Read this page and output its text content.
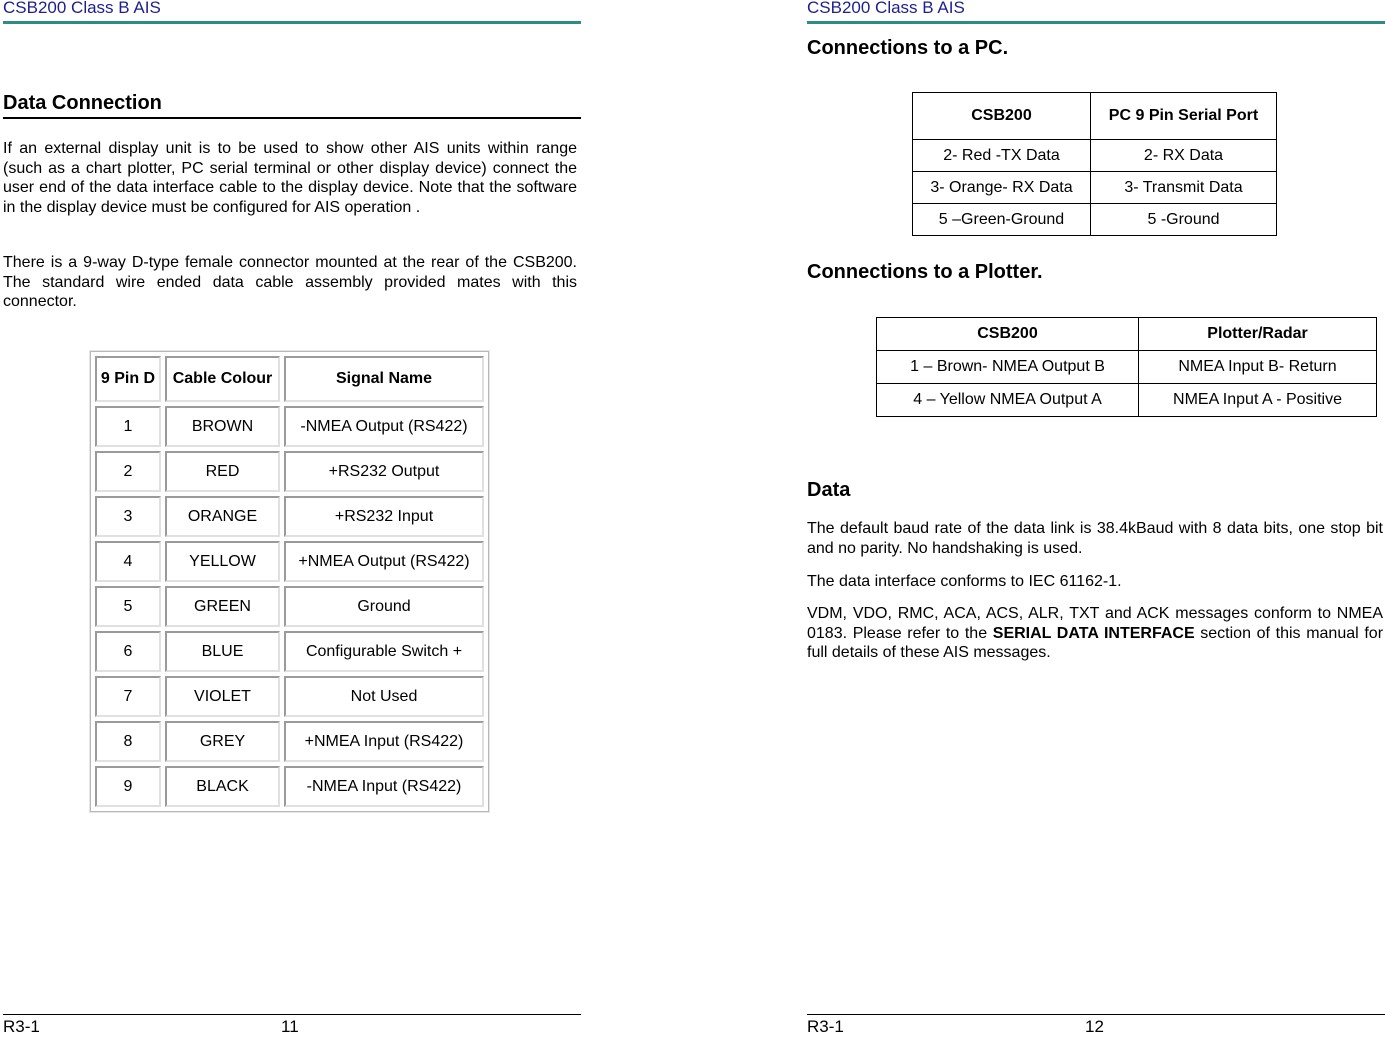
CSB200 Class B AIS
Data Connection

If an external display unit is to be used to show other AIS units within range (such as a chart plotter, PC serial terminal or other display device) connect the user end of the data interface cable to the display device. Note that the software in the display device must be configured for AIS operation .

There is a 9-way D-type female connector mounted at the rear of the CSB200. The standard wire ended data cable assembly provided mates with this connector.

9 Pin D	Cable Colour	Signal Name
1	BROWN	-NMEA Output (RS422)
2	RED	+RS232 Output
3	ORANGE	+RS232 Input
4	YELLOW	+NMEA Output (RS422)
5	GREEN	Ground
6	BLUE	Configurable Switch +
7	VIOLET	Not Used
8	GREY	+NMEA Input (RS422)
9	BLACK	-NMEA Input (RS422)
R3-1	11
CSB200 Class B AIS
Connections to a PC.
CSB200	PC 9 Pin Serial Port
2- Red -TX Data	2- RX Data
3- Orange- RX Data	3- Transmit Data
5 –Green-Ground	5 -Ground
Connections to a Plotter.
CSB200	Plotter/Radar
1 – Brown- NMEA Output B	NMEA Input B- Return
4 – Yellow NMEA Output A	NMEA Input A - Positive
Data

The default baud rate of the data link is 38.4kBaud with 8 data bits, one stop bit and no parity. No handshaking is used.

The data interface conforms to IEC 61162-1.

VDM, VDO, RMC, ACA, ACS, ALR, TXT and ACK messages conform to NMEA 0183. Please refer to the SERIAL DATA INTERFACE section of this manual for full details of these AIS messages.

R3-1	12
